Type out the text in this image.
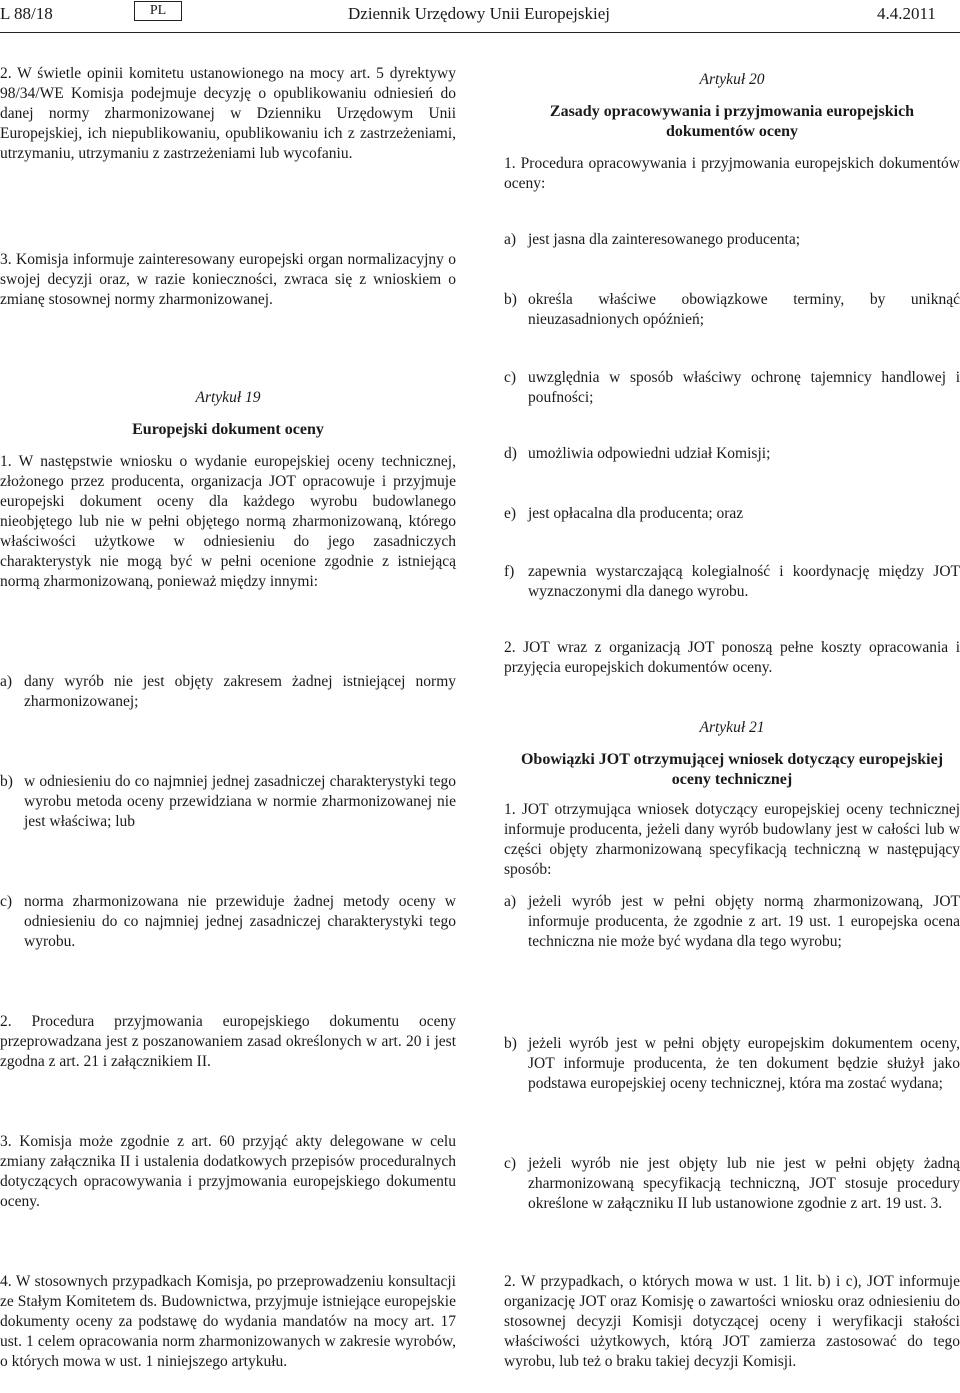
L 88/18	PL	Dziennik Urzędowy Unii Europejskiej	4.4.2011

2. W świetle opinii komitetu ustanowionego na mocy art. 5 dyrektywy 98/34/WE Komisja podejmuje decyzję o opublikowaniu odniesień do danej normy zharmonizowanej w Dzienniku Urzędowym Unii Europejskiej, ich niepublikowaniu, opublikowaniu ich z zastrzeżeniami, utrzymaniu, utrzymaniu z zastrzeżeniami lub wycofaniu.

3. Komisja informuje zainteresowany europejski organ normalizacyjny o swojej decyzji oraz, w razie konieczności, zwraca się z wnioskiem o zmianę stosownej normy zharmonizowanej.

Artykuł 19
Europejski dokument oceny

1. W następstwie wniosku o wydanie europejskiej oceny technicznej, złożonego przez producenta, organizacja JOT opracowuje i przyjmuje europejski dokument oceny dla każdego wyrobu budowlanego nieobjętego lub nie w pełni objętego normą zharmonizowaną, którego właściwości użytkowe w odniesieniu do jego zasadniczych charakterystyk nie mogą być w pełni ocenione zgodnie z istniejącą normą zharmonizowaną, ponieważ między innymi:

a) dany wyrób nie jest objęty zakresem żadnej istniejącej normy zharmonizowanej;
b) w odniesieniu do co najmniej jednej zasadniczej charakterystyki tego wyrobu metoda oceny przewidziana w normie zharmonizowanej nie jest właściwa; lub
c) norma zharmonizowana nie przewiduje żadnej metody oceny w odniesieniu do co najmniej jednej zasadniczej charakterystyki tego wyrobu.

2. Procedura przyjmowania europejskiego dokumentu oceny przeprowadzana jest z poszanowaniem zasad określonych w art. 20 i jest zgodna z art. 21 i załącznikiem II.

3. Komisja może zgodnie z art. 60 przyjąć akty delegowane w celu zmiany załącznika II i ustalenia dodatkowych przepisów proceduralnych dotyczących opracowywania i przyjmowania europejskiego dokumentu oceny.

4. W stosownych przypadkach Komisja, po przeprowadzeniu konsultacji ze Stałym Komitetem ds. Budownictwa, przyjmuje istniejące europejskie dokumenty oceny za podstawę do wydania mandatów na mocy art. 17 ust. 1 celem opracowania norm zharmonizowanych w zakresie wyrobów, o których mowa w ust. 1 niniejszego artykułu.

Artykuł 20
Zasady opracowywania i przyjmowania europejskich dokumentów oceny

1. Procedura opracowywania i przyjmowania europejskich dokumentów oceny:

a) jest jasna dla zainteresowanego producenta;
b) określa właściwe obowiązkowe terminy, by uniknąć nieuzasadnionych opóźnień;
c) uwzględnia w sposób właściwy ochronę tajemnicy handlowej i poufności;
d) umożliwia odpowiedni udział Komisji;
e) jest opłacalna dla producenta; oraz
f) zapewnia wystarczającą kolegialność i koordynację między JOT wyznaczonymi dla danego wyrobu.

2. JOT wraz z organizacją JOT ponoszą pełne koszty opracowania i przyjęcia europejskich dokumentów oceny.

Artykuł 21
Obowiązki JOT otrzymującej wniosek dotyczący europejskiej oceny technicznej

1. JOT otrzymująca wniosek dotyczący europejskiej oceny technicznej informuje producenta, jeżeli dany wyrób budowlany jest w całości lub w części objęty zharmonizowaną specyfikacją techniczną w następujący sposób:

a) jeżeli wyrób jest w pełni objęty normą zharmonizowaną, JOT informuje producenta, że zgodnie z art. 19 ust. 1 europejska ocena techniczna nie może być wydana dla tego wyrobu;
b) jeżeli wyrób jest w pełni objęty europejskim dokumentem oceny, JOT informuje producenta, że ten dokument będzie służył jako podstawa europejskiej oceny technicznej, która ma zostać wydana;
c) jeżeli wyrób nie jest objęty lub nie jest w pełni objęty żadną zharmonizowaną specyfikacją techniczną, JOT stosuje procedury określone w załączniku II lub ustanowione zgodnie z art. 19 ust. 3.

2. W przypadkach, o których mowa w ust. 1 lit. b) i c), JOT informuje organizację JOT oraz Komisję o zawartości wniosku oraz odniesieniu do stosownej decyzji Komisji dotyczącej oceny i weryfikacji stałości właściwości użytkowych, którą JOT zamierza zastosować do tego wyrobu, lub też o braku takiej decyzji Komisji.
